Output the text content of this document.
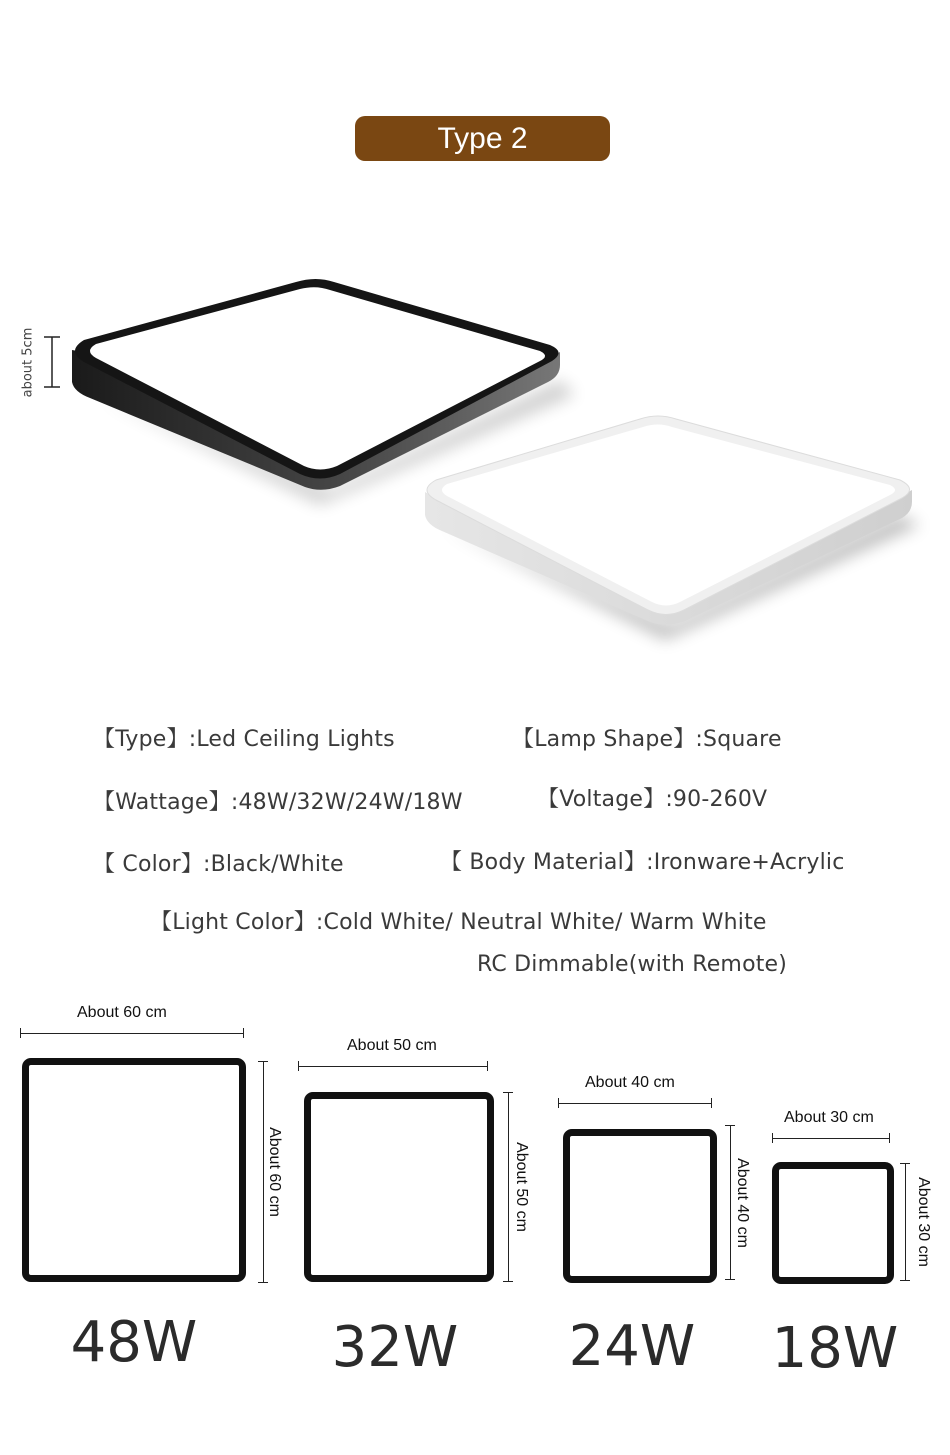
Type 2
about 5cm
【Type】:Led Ceiling Lights	【Lamp Shape】:Square
【Wattage】:48W/32W/24W/18W	【Voltage】:90-260V
【 Color】:Black/White	【 Body Material】:Ironware+Acrylic
【Light Color】:Cold White/ Neutral White/ Warm White
RC Dimmable(with Remote)
About 60 cm
About 60 cm
48W
About 50 cm
About 50 cm
32W
About 40 cm
About 40 cm
24W
About 30 cm
About 30 cm
18W
